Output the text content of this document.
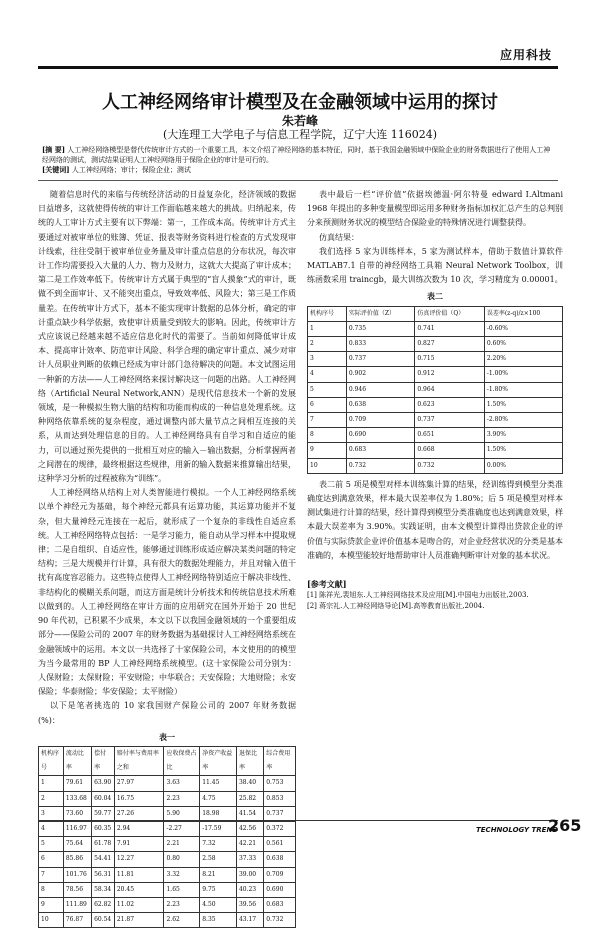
应用科技
人工神经网络审计模型及在金融领域中运用的探讨
朱若峰
(大连理工大学电子与信息工程学院，辽宁大连 116024)
[摘 要] 人工神经网络模型是替代传统审计方式的一个重要工具，本文介绍了神经网络的基本特征，同时，基于我国金融领域中保险企业的财务数据进行了使用人工神经网络的测试，测试结果证明人工神经网络用于保险企业的审计是可行的。
[关键词] 人工神经网络；审计；保险企业；测试

随着信息时代的来临与传统经济活动的日益复杂化，经济领域的数据日益增多，这就使得传统的审计工作面临越来越大的挑战。归纳起来，传统的人工审计方式主要有以下弊端：第一，工作成本高。传统审计方式主要通过对被审单位的账簿、凭证、报表等财务资料进行检查的方式发现审计线索，往往受制于被审单位业务量及审计重点信息的分布状况，每次审计工作均需要投入大量的人力、物力及财力，这就大大提高了审计成本；第二是工作效率低下。传统审计方式属于典型的“盲人摸象”式的审计，既做不到全面审计、又不能突出重点，导致效率低、风险大；第三是工作质量差。在传统审计方式下，基本不能实现审计数据的总体分析，确定的审计重点缺少科学依据，致使审计质量受到较大的影响。因此，传统审计方式应该说已经越来越不适应信息化时代的需要了。当前如何降低审计成本、提高审计效率、防范审计风险、科学合理的确定审计重点、减少对审计人员职业判断的依赖已经成为审计部门急待解决的问题。本文试图运用一种新的方法——人工神经网络来探讨解决这一问题的出路。人工神经网络（Artificial Neural Network,ANN）是现代信息技术一个新的发展领域，是一种模拟生物大脑的结构和功能而构成的一种信息处理系统。这种网络依靠系统的复杂程度，通过调整内部大量节点之间相互连接的关系，从而达到处理信息的目的。人工神经网络具有自学习和自适应的能力，可以通过预先提供的一批相互对应的输入－输出数据，分析掌握两者之间潜在的规律，最终根据这些规律，用新的输入数据来推算输出结果，这种学习分析的过程被称为“训练”。

人工神经网络从结构上对人类智能进行模拟。一个人工神经网络系统以单个神经元为基础，每个神经元都具有运算功能，其运算功能并不复杂，但大量神经元连接在一起后，就形成了一个复杂的非线性自适应系统。人工神经网络特点包括：一是学习能力，能自动从学习样本中提取规律；二是自组织、自适应性，能够通过训练形成适应解决某类问题的特定结构；三是大规模并行计算，具有很大的数据处理能力，并且对输入值干扰有高度容忍能力。这些特点使得人工神经网络特别适应于解决非线性、非结构化的模糊关系问题，而这方面是统计分析技术和传统信息技术所难以做到的。人工神经网络在审计方面的应用研究在国外开始于 20 世纪 90 年代初，已积累不少成果，本文以下以我国金融领域的一个重要组成部分——保险公司的 2007 年的财务数据为基础探讨人工神经网络系统在金融领域中的运用。本文以一共选择了十家保险公司，本文使用的的模型为当今最常用的 BP 人工神经网络系统模型。(这十家保险公司分别为：人保财险；太保财险；平安财险；中华联合；天安保险；大地财险；永安保险；华泰财险；华安保险；太平财险）

以下是笔者挑选的 10 家我国财产保险公司的 2007 年财务数据(%)：

表一
机构序号	流动比率	偿付率	赔付率与费用率之和	应收保费占比	净资产收益率	退保比率	综合费用率
1	79.61	63.90	27.97	3.63	11.45	38.40	0.753
2	133.68	60.04	16.75	2.23	4.75	25.82	0.853
3	73.60	59.77	27.26	5.90	18.98	41.54	0.737
4	116.97	60.35	2.94	-2.27	-17.59	42.56	0.372
5	75.64	61.78	7.91	2.21	7.32	42.21	0.561
6	85.86	54.41	12.27	0.80	2.58	37.33	0.638
7	101.76	56.31	11.81	3.32	8.21	39.00	0.709
8	78.56	58.34	20.45	1.65	9.75	40.23	0.690
9	111.89	62.82	11.02	2.23	4.50	39.56	0.683
10	76.87	60.54	21.87	2.62	8.35	43.17	0.732

表中最后一栏“评价值”依据埃德温·阿尔特曼 edward I.Altmani 1968 年提出的多种变量模型即运用多种财务指标加权汇总产生的总判别分来预测财务状况的模型结合保险业的特殊情况进行调整获得。

仿真结果：

我们选择 5 家为训练样本，5 家为测试样本，借助于数值计算软件 MATLAB7.1 自带的神经网络工具箱 Neural Network Toolbox，训练函数采用 traincgb，最大训练次数为 10 次，学习精度为 0.00001。

表二
机构序号	实际评价值（Z）	仿真评价值（Q）	误差率(z-q)/z×100
1	0.735	0.741	-0.60%
2	0.833	0.827	0.60%
3	0.737	0.715	2.20%
4	0.902	0.912	-1.00%
5	0.946	0.964	-1.80%
6	0.638	0.623	1.50%
7	0.709	0.737	-2.80%
8	0.690	0.651	3.90%
9	0.683	0.668	1.50%
10	0.732	0.732	0.00%

表二前 5 项是模型对样本训练集计算的结果，经训练得到模型分类准确度达到满意效果，样本最大误差率仅为 1.80%；后 5 项是模型对样本测试集进行计算的结果，经计算得到模型分类准确度也达到满意效果，样本最大误差率为 3.90%。实践证明，由本文模型计算得出贷款企业的评价值与实际贷款企业评价值基本是吻合的，对企业经营状况的分类是基本准确的，本模型能较好地帮助审计人员准确判断审计对象的基本状况。

[参考文献]
[1] 陈祥光,裴旭东.人工神经网络技术及应用[M].中国电力出版社,2003.
[2] 蒋宗礼.人工神经网络导论[M].高等教育出版社,2004.
TECHNOLOGY TREND
265
